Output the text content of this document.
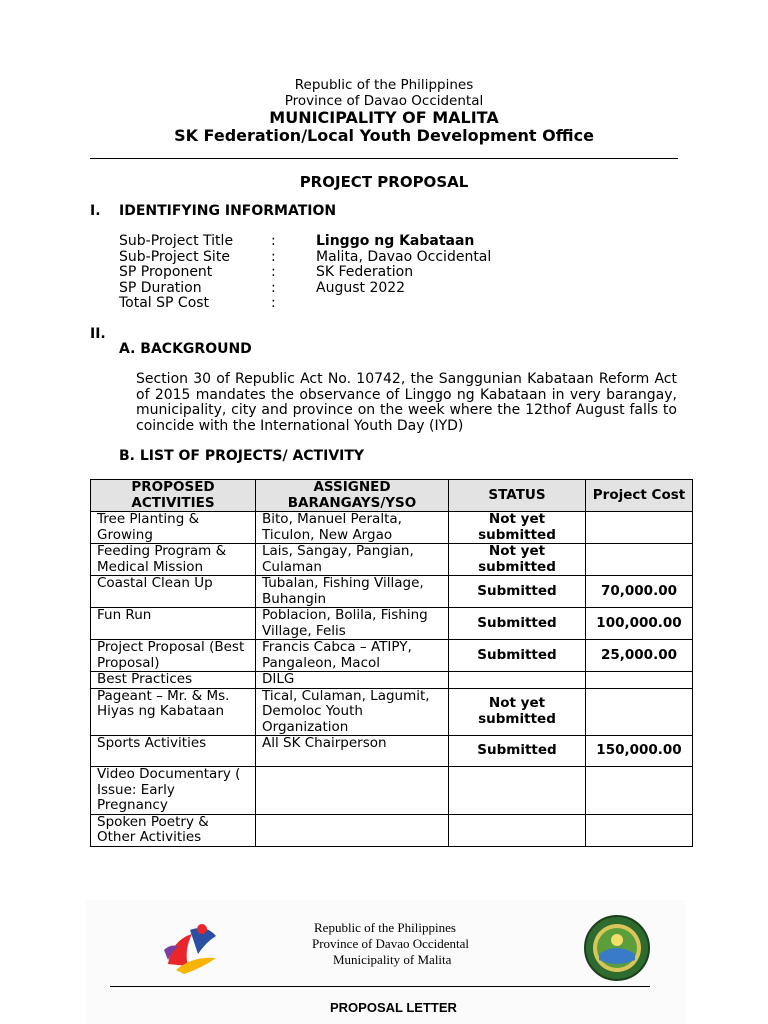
Republic of the Philippines
Province of Davao Occidental
MUNICIPALITY OF MALITA
SK Federation/Local Youth Development Office
PROJECT PROPOSAL
I. IDENTIFYING INFORMATION
Sub-Project Title	:	Linggo ng Kabataan
Sub-Project Site	:	Malita, Davao Occidental
SP Proponent	:	SK Federation
SP Duration	:	August 2022
Total SP Cost	:
II.
A. BACKGROUND
Section 30 of Republic Act No. 10742, the Sanggunian Kabataan Reform Act of 2015 mandates the observance of Linggo ng Kabataan in very barangay, municipality, city and province on the week where the 12thof August falls to coincide with the International Youth Day (IYD)
B. LIST OF PROJECTS/ ACTIVITY
PROPOSED ACTIVITIES	ASSIGNED BARANGAYS/YSO	STATUS	Project Cost
Tree Planting & Growing	Bito, Manuel Peralta, Ticulon, New Argao	Not yet submitted	
Feeding Program & Medical Mission	Lais, Sangay, Pangian, Culaman	Not yet submitted	
Coastal Clean Up	Tubalan, Fishing Village, Buhangin	Submitted	70,000.00
Fun Run	Poblacion, Bolila, Fishing Village, Felis	Submitted	100,000.00
Project Proposal (Best Proposal)	Francis Cabca – ATIPY, Pangaleon, Macol	Submitted	25,000.00
Best Practices	DILG		
Pageant – Mr. & Ms. Hiyas ng Kabataan	Tical, Culaman, Lagumit, Demoloc Youth Organization	Not yet submitted	
Sports Activities	All SK Chairperson	Submitted	150,000.00
Video Documentary ( Issue: Early Pregnancy			
Spoken Poetry & Other Activities			
Republic of the Philippines
Province of Davao Occidental
Municipality of Malita
PROPOSAL LETTER
